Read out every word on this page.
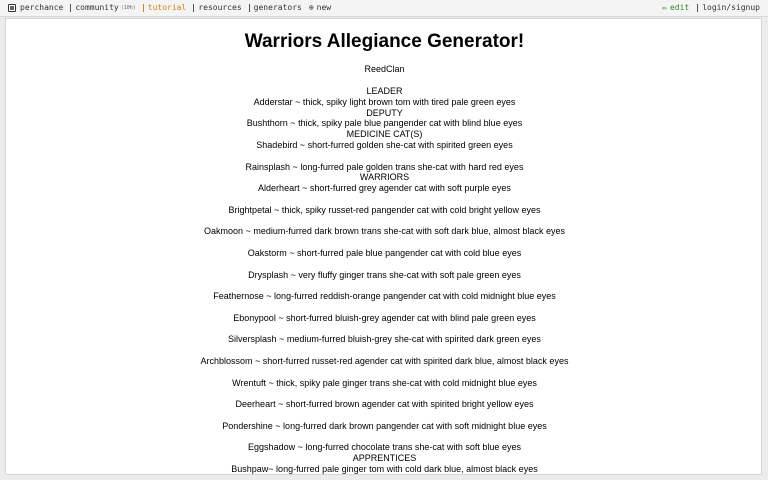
perchance community (10h) tutorial resources generators ⊕ new	✏ edit login/signup
Warriors Allegiance Generator!
ReedClan
LEADER
Adderstar ~ thick, spiky light brown tom with tired pale green eyes
DEPUTY
Bushthorn ~ thick, spiky pale blue pangender cat with blind blue eyes
MEDICINE CAT(S)
Shadebird ~ short-furred golden she-cat with spirited green eyes
Rainsplash ~ long-furred pale golden trans she-cat with hard red eyes
WARRIORS
Alderheart ~ short-furred grey agender cat with soft purple eyes
Brightpetal ~ thick, spiky russet-red pangender cat with cold bright yellow eyes
Oakmoon ~ medium-furred dark brown trans she-cat with soft dark blue, almost black eyes
Oakstorm ~ short-furred pale blue pangender cat with cold blue eyes
Drysplash ~ very fluffy ginger trans she-cat with soft pale green eyes
Feathernose ~ long-furred reddish-orange pangender cat with cold midnight blue eyes
Ebonypool ~ short-furred bluish-grey agender cat with blind pale green eyes
Silversplash ~ medium-furred bluish-grey she-cat with spirited dark green eyes
Archblossom ~ short-furred russet-red agender cat with spirited dark blue, almost black eyes
Wrentuft ~ thick, spiky pale ginger trans she-cat with cold midnight blue eyes
Deerheart ~ short-furred brown agender cat with spirited bright yellow eyes
Pondershine ~ long-furred dark brown pangender cat with soft midnight blue eyes
Eggshadow ~ long-furred chocolate trans she-cat with soft blue eyes
APPRENTICES
Bushpaw~ long-furred pale ginger tom with cold dark blue, almost black eyes
